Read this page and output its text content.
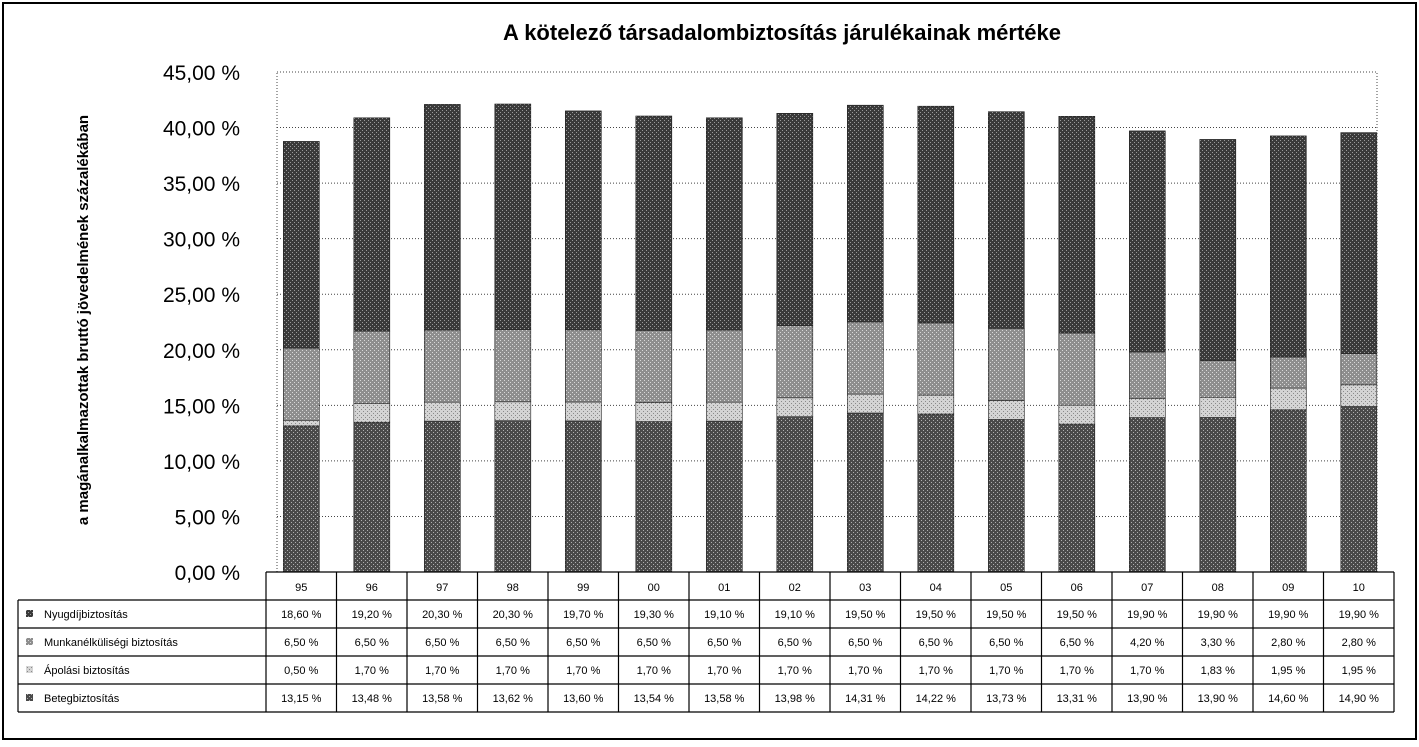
A kötelező társadalombiztosítás járulékainak mértéke
a magánalkalmazottak bruttó jövedelmének százalékában
0,00 %
5,00 %
10,00 %
15,00 %
20,00 %
25,00 %
30,00 %
35,00 %
40,00 %
45,00 %
95	96	97	98	99	00	01	02	03	04	05	06	07	08	09	10
Nyugdíjbiztosítás	18,60 %	19,20 %	20,30 %	20,30 %	19,70 %	19,30 %	19,10 %	19,10 %	19,50 %	19,50 %	19,50 %	19,50 %	19,90 %	19,90 %	19,90 %	19,90 %
Munkanélküliségi biztosítás	6,50 %	6,50 %	6,50 %	6,50 %	6,50 %	6,50 %	6,50 %	6,50 %	6,50 %	6,50 %	6,50 %	6,50 %	4,20 %	3,30 %	2,80 %	2,80 %
Ápolási biztosítás	0,50 %	1,70 %	1,70 %	1,70 %	1,70 %	1,70 %	1,70 %	1,70 %	1,70 %	1,70 %	1,70 %	1,70 %	1,70 %	1,83 %	1,95 %	1,95 %
Betegbiztosítás	13,15 %	13,48 %	13,58 %	13,62 %	13,60 %	13,54 %	13,58 %	13,98 %	14,31 %	14,22 %	13,73 %	13,31 %	13,90 %	13,90 %	14,60 %	14,90 %
